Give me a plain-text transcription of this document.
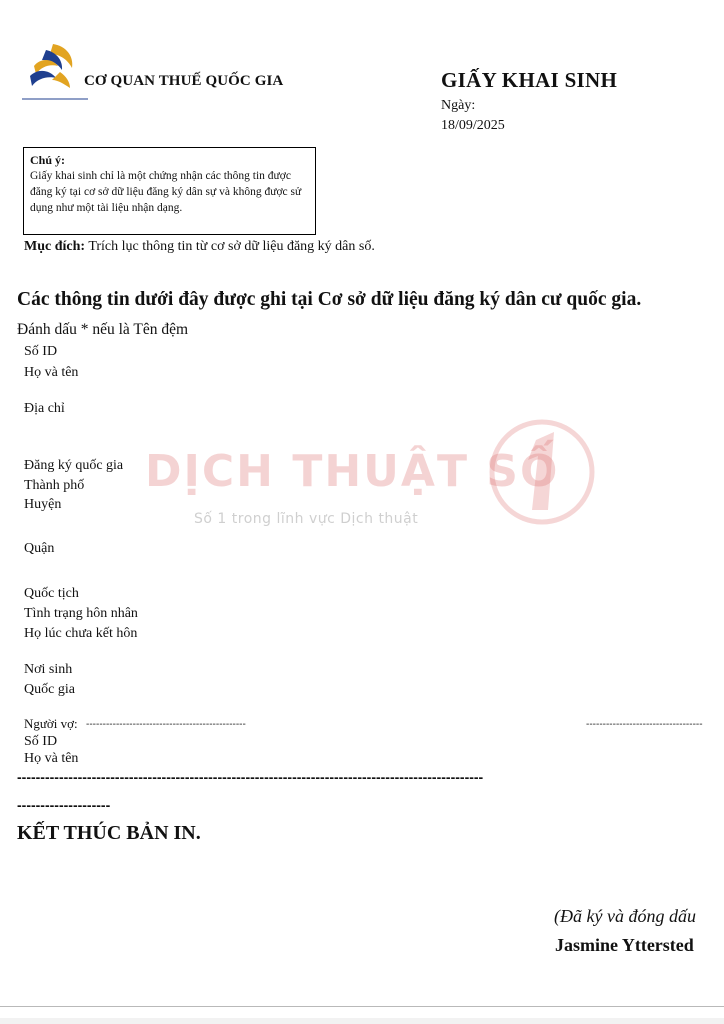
CƠ QUAN THUẾ QUỐC GIA	GIẤY KHAI SINH
Ngày:
18/09/2025
Chú ý:
Giấy khai sinh chỉ là một chứng nhận các thông tin được đăng ký tại cơ sở dữ liệu đăng ký dân sự và không được sử dụng như một tài liệu nhận dạng.
Mục đích: Trích lục thông tin từ cơ sở dữ liệu đăng ký dân số.
Các thông tin dưới đây được ghi tại Cơ sở dữ liệu đăng ký dân cư quốc gia.
Đánh dấu * nếu là Tên đệm
DỊCH THUẬT SỐ
Số 1 trong lĩnh vực Dịch thuật
Số ID
Họ và tên
Địa chỉ
Đăng ký quốc gia
Thành phố
Huyện
Quận
Quốc tịch
Tình trạng hôn nhân
Họ lúc chưa kết hôn
Nơi sinh
Quốc gia
Người vợ: ------------------------------------------------	-----------------------------------
Số ID
Họ và tên
----------------------------------------------------------------------------------------------------
--------------------
KẾT THÚC BẢN IN.
(Đã ký và đóng dấu
Jasmine Yttersted
